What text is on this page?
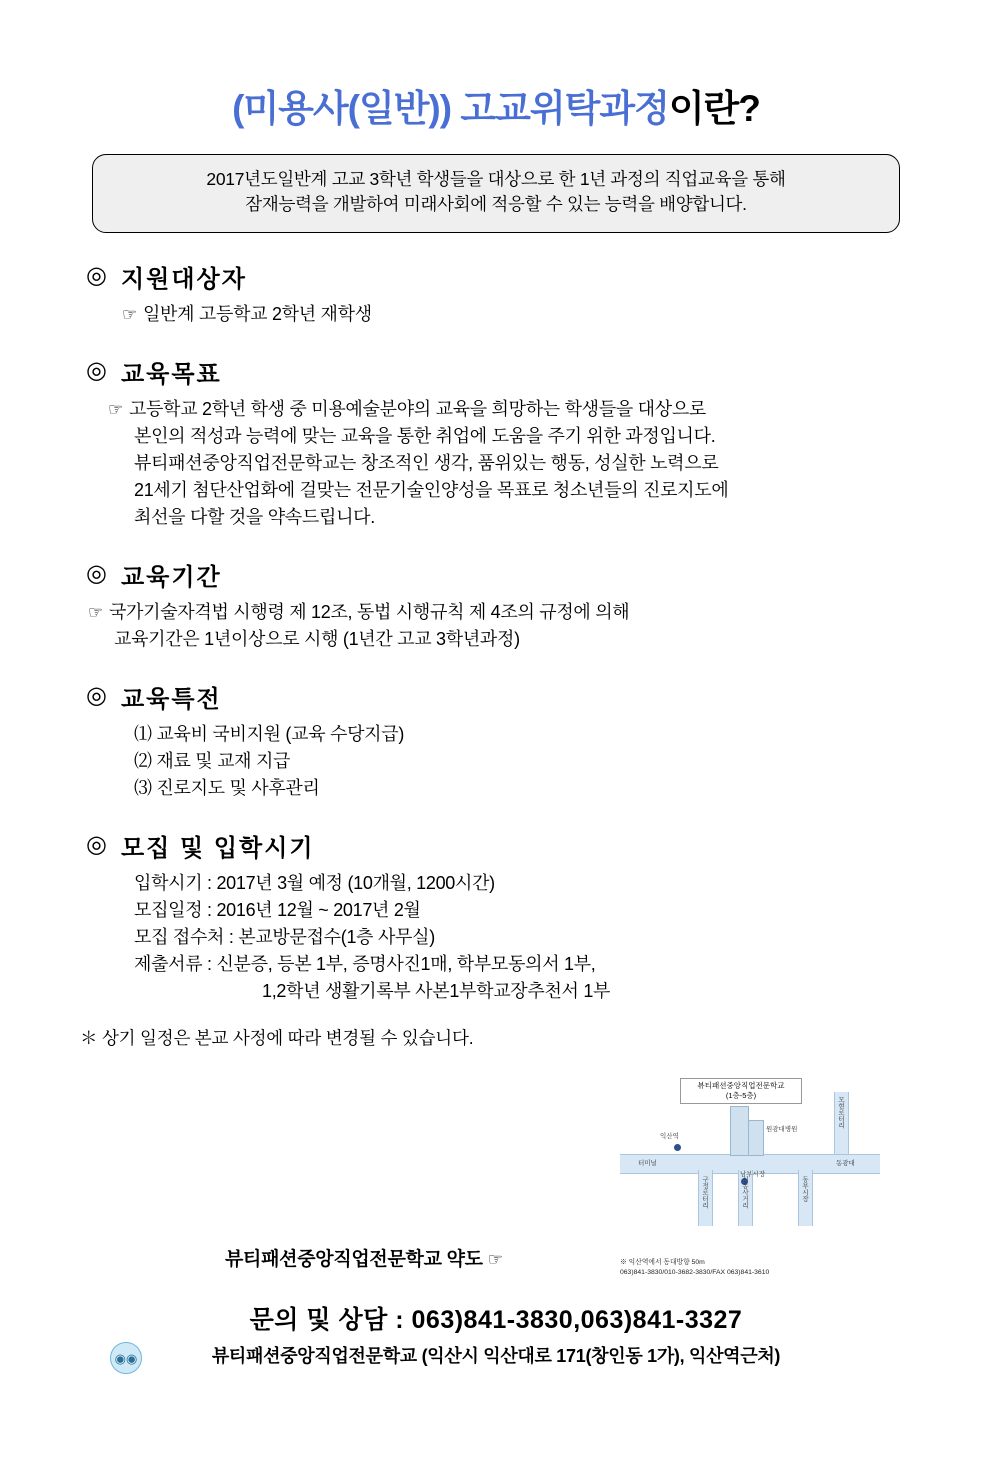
(미용사(일반)) 고교위탁과정이란?
2017년도일반계 고교 3학년 학생들을 대상으로 한 1년 과정의 직업교육을 통해
잠재능력을 개발하여 미래사회에 적응할 수 있는 능력을 배양합니다.
◎ 지원대상자
☞ 일반계 고등학교 2학년 재학생
◎ 교육목표
☞ 고등학교 2학년 학생 중 미용예술분야의 교육을 희망하는 학생들을 대상으로
본인의 적성과 능력에 맞는 교육을 통한 취업에 도움을 주기 위한 과정입니다.
뷰티패션중앙직업전문학교는 창조적인 생각, 품위있는 행동, 성실한 노력으로
21세기 첨단산업화에 걸맞는 전문기술인양성을 목표로 청소년들의 진로지도에
최선을 다할 것을 약속드립니다.
◎ 교육기간
☞ 국가기술자격법 시행령 제 12조, 동법 시행규칙 제 4조의 규정에 의해
교육기간은 1년이상으로 시행 (1년간 고교 3학년과정)
◎ 교육특전
⑴ 교육비 국비지원 (교육 수당지급)
⑵ 재료 및 교재 지급
⑶ 진로지도 및 사후관리
◎ 모집 및 입학시기
입학시기 : 2017년 3월 예정 (10개월, 1200시간)
모집일정 : 2016년 12월 ~ 2017년 2월
모집 접수처 : 본교방문접수(1층 사무실)
제출서류 : 신분증, 등본 1부, 증명사진1매, 학부모동의서 1부,
1,2학년 생활기록부 사본1부학교장추천서 1부
＊ 상기 일정은 본교 사정에 따라 변경될 수 있습니다.
뷰티패션중앙직업전문학교
(1층-5층)
익산역
터미널	동광대
남부시장
원광대병원
구정로터리	신동사거리	동부시장
모현로터리
※ 익산역에서 동대방향 50m
063)841-3830/010-3682-3830/FAX 063)841-3610
뷰티패션중앙직업전문학교 약도 ☞
문의 및 상담 : 063)841-3830,063)841-3327
뷰티패션중앙직업전문학교 (익산시 익산대로 171(창인동 1가), 익산역근처)
◉◉
